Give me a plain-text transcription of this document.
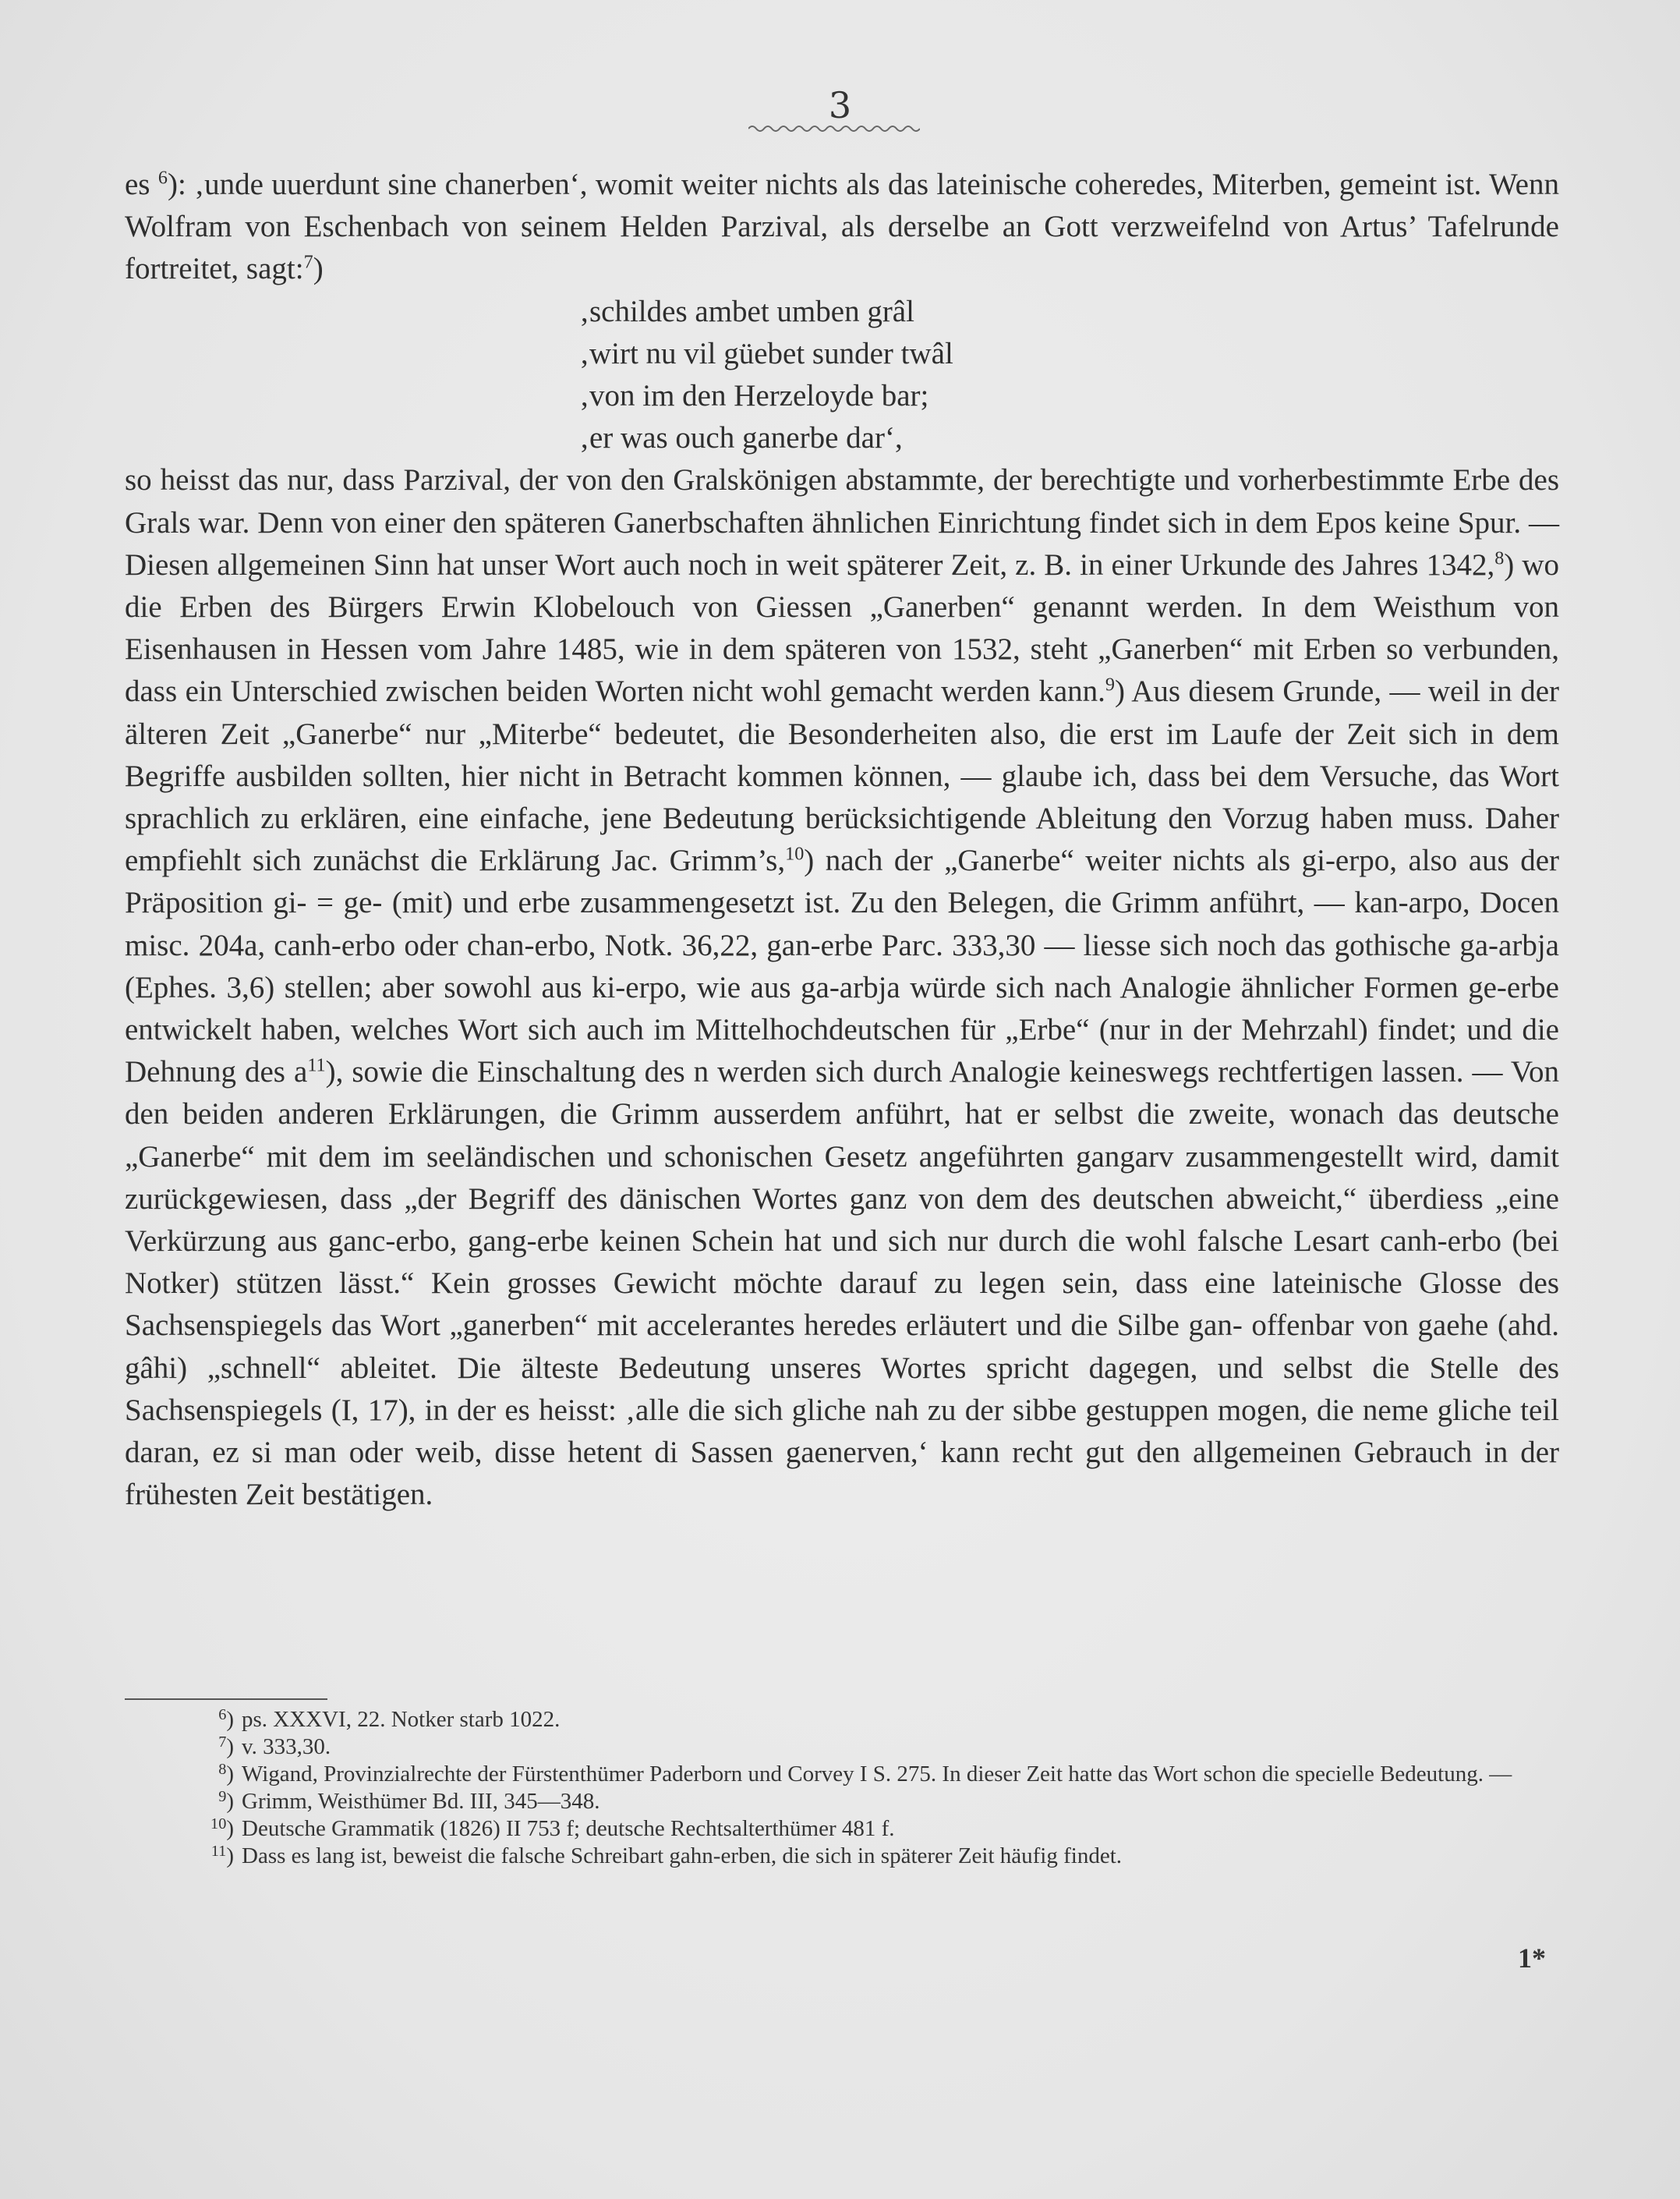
3

es $^6$): ‚unde uuerdunt sine chanerben‘, womit weiter nichts als das lateinische coheredes, Miterben, gemeint ist. Wenn Wolfram von Eschenbach von seinem Helden Parzival, als derselbe an Gott verzweifelnd von Artus’ Tafelrunde fortreitet, sagt:$^7$)

‚schildes ambet umben grâl
‚wirt nu vil güebet sunder twâl
‚von im den Herzeloyde bar;
‚er was ouch ganerbe dar‘,

so heisst das nur, dass Parzival, der von den Gralskönigen abstammte, der berechtigte und vorherbestimmte Erbe des Grals war. Denn von einer den späteren Ganerbschaften ähnlichen Einrichtung findet sich in dem Epos keine Spur. — Diesen allgemeinen Sinn hat unser Wort auch noch in weit späterer Zeit, z. B. in einer Urkunde des Jahres 1342,$^8$) wo die Erben des Bürgers Erwin Klobelouch von Giessen „Ganerben“ genannt werden. In dem Weisthum von Eisenhausen in Hessen vom Jahre 1485, wie in dem späteren von 1532, steht „Ganerben“ mit Erben so verbunden, dass ein Unterschied zwischen beiden Worten nicht wohl gemacht werden kann.$^9$) Aus diesem Grunde, — weil in der älteren Zeit „Ganerbe“ nur „Miterbe“ bedeutet, die Besonderheiten also, die erst im Laufe der Zeit sich in dem Begriffe ausbilden sollten, hier nicht in Betracht kommen können, — glaube ich, dass bei dem Versuche, das Wort sprachlich zu erklären, eine einfache, jene Bedeutung berücksichtigende Ableitung den Vorzug haben muss. Daher empfiehlt sich zunächst die Erklärung Jac. Grimm’s,$^{10}$) nach der „Ganerbe“ weiter nichts als gi-erpo, also aus der Präposition gi- = ge- (mit) und erbe zusammengesetzt ist. Zu den Belegen, die Grimm anführt, — kan-arpo, Docen misc. 204a, canh-erbo oder chan-erbo, Notk. 36,22, gan-erbe Parc. 333,30 — liesse sich noch das gothische ga-arbja (Ephes. 3,6) stellen; aber sowohl aus ki-erpo, wie aus ga-arbja würde sich nach Analogie ähnlicher Formen ge-erbe entwickelt haben, welches Wort sich auch im Mittelhochdeutschen für „Erbe“ (nur in der Mehrzahl) findet; und die Dehnung des a$^{11}$), sowie die Einschaltung des n werden sich durch Analogie keineswegs rechtfertigen lassen. — Von den beiden anderen Erklärungen, die Grimm ausserdem anführt, hat er selbst die zweite, wonach das deutsche „Ganerbe“ mit dem im seeländischen und schonischen Gesetz angeführten gangarv zusammengestellt wird, damit zurückgewiesen, dass „der Begriff des dänischen Wortes ganz von dem des deutschen abweicht,“ überdiess „eine Verkürzung aus ganc-erbo, gang-erbe keinen Schein hat und sich nur durch die wohl falsche Lesart canh-erbo (bei Notker) stützen lässt.“ Kein grosses Gewicht möchte darauf zu legen sein, dass eine lateinische Glosse des Sachsenspiegels das Wort „ganerben“ mit accelerantes heredes erläutert und die Silbe gan- offenbar von gaehe (ahd. gâhi) „schnell“ ableitet. Die älteste Bedeutung unseres Wortes spricht dagegen, und selbst die Stelle des Sachsenspiegels (I, 17), in der es heisst: ‚alle die sich gliche nah zu der sibbe gestuppen mogen, die neme gliche teil daran, ez si man oder weib, disse hetent di Sassen gaenerven,‘ kann recht gut den allgemeinen Gebrauch in der frühesten Zeit bestätigen.

$^6$) ps. XXXVI, 22. Notker starb 1022.

$^7$) v. 333,30.

$^8$) Wigand, Provinzialrechte der Fürstenthümer Paderborn und Corvey I S. 275. In dieser Zeit hatte das Wort schon die specielle Bedeutung. —

$^9$) Grimm, Weisthümer Bd. III, 345—348.

$^{10}$) Deutsche Grammatik (1826) II 753 f; deutsche Rechtsalterthümer 481 f.

$^{11}$) Dass es lang ist, beweist die falsche Schreibart gahn-erben, die sich in späterer Zeit häufig findet.

1*
